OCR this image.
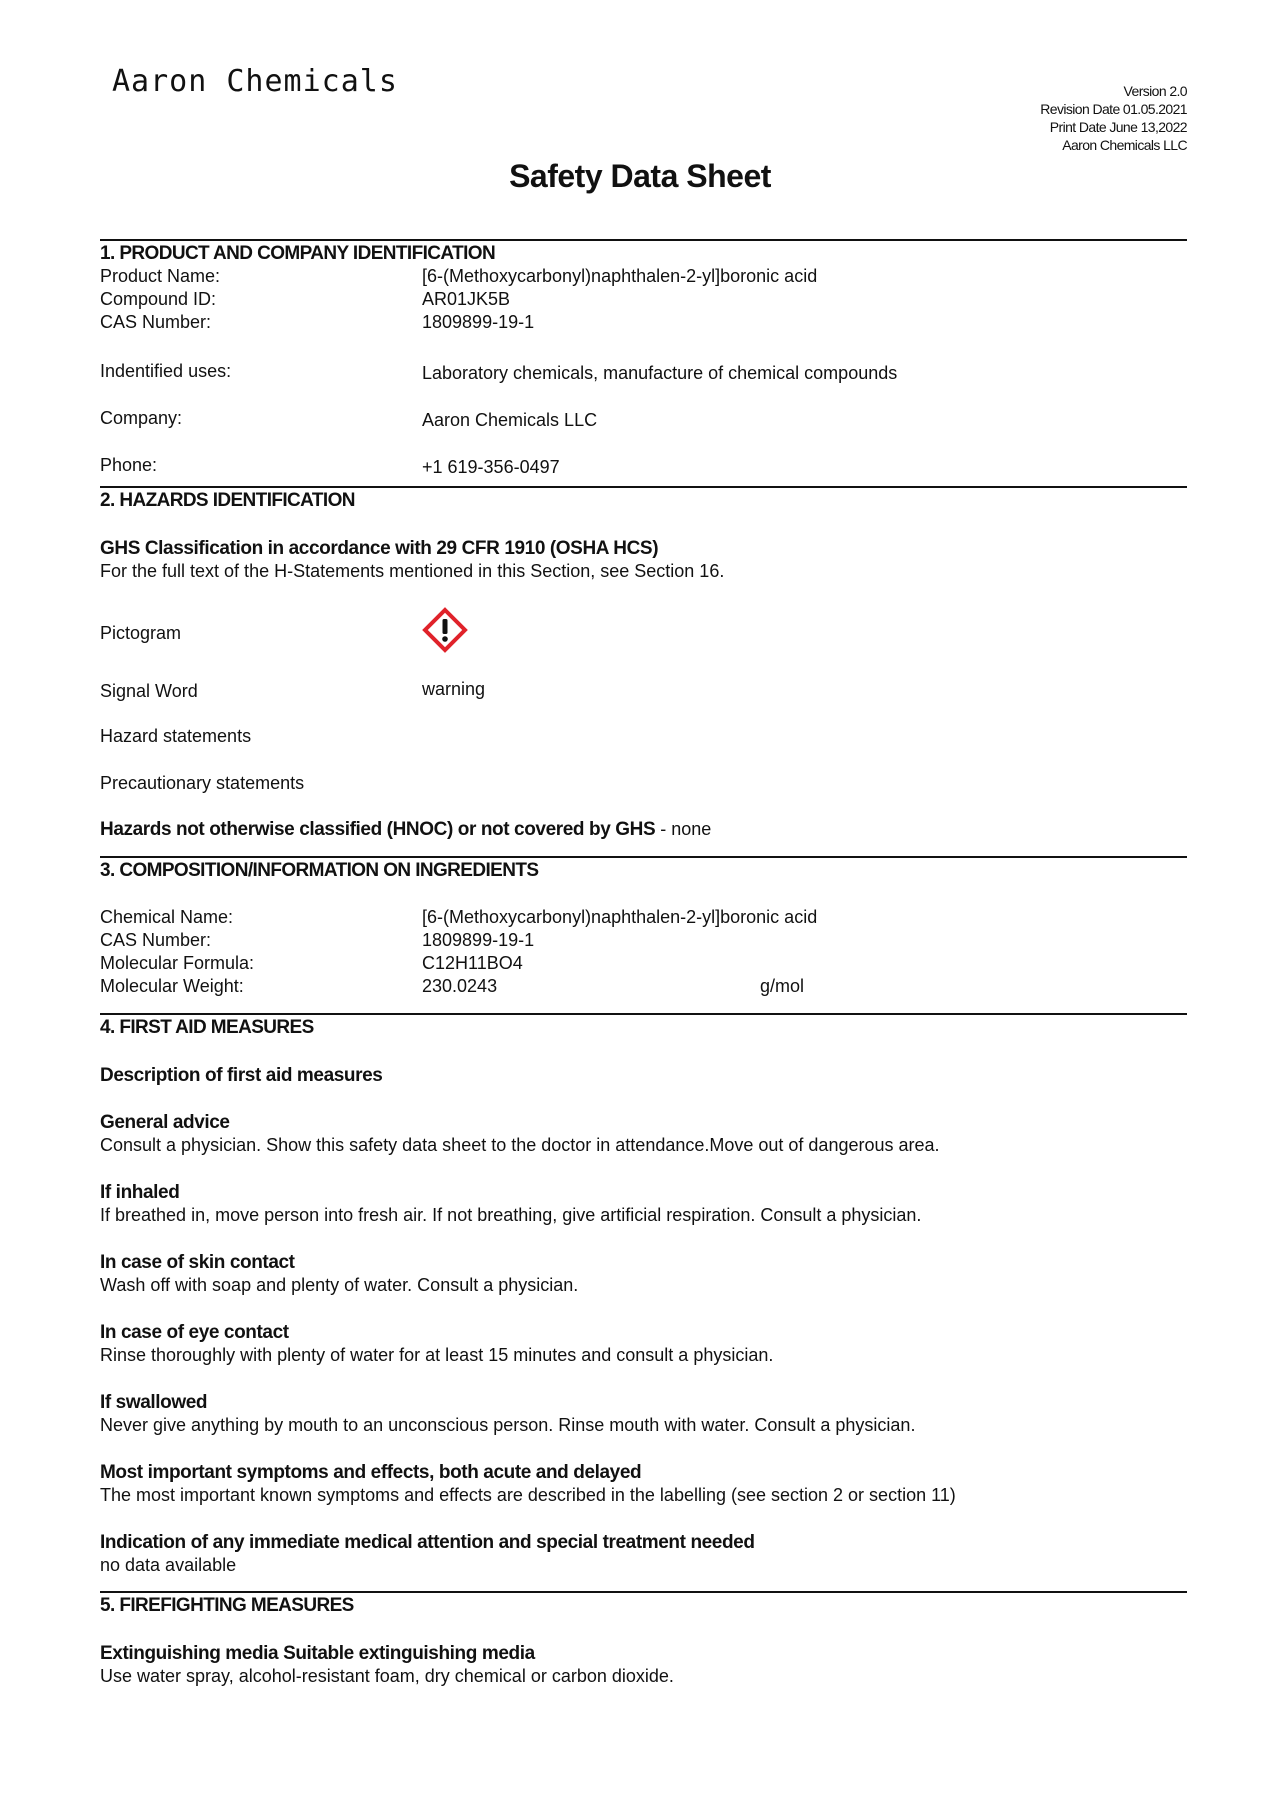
Aaron Chemicals	Version 2.0
Revision Date 01.05.2021
Print Date June 13,2022
Aaron Chemicals LLC
Safety Data Sheet
1. PRODUCT AND COMPANY IDENTIFICATION
Product Name:	[6-(Methoxycarbonyl)naphthalen-2-yl]boronic acid
Compound ID:	AR01JK5B
CAS Number:	1809899-19-1
Indentified uses:	Laboratory chemicals, manufacture of chemical compounds
Company:	Aaron Chemicals LLC
Phone:	+1 619-356-0497
2. HAZARDS IDENTIFICATION
GHS Classification in accordance with 29 CFR 1910 (OSHA HCS)
For the full text of the H-Statements mentioned in this Section, see Section 16.
Pictogram
Signal Word	warning
Hazard statements
Precautionary statements
Hazards not otherwise classified (HNOC) or not covered by GHS - none
3. COMPOSITION/INFORMATION ON INGREDIENTS
Chemical Name:	[6-(Methoxycarbonyl)naphthalen-2-yl]boronic acid
CAS Number:	1809899-19-1
Molecular Formula:	C12H11BO4
Molecular Weight:	230.0243	g/mol
4. FIRST AID MEASURES
Description of first aid measures
General advice
Consult a physician. Show this safety data sheet to the doctor in attendance.Move out of dangerous area.
If inhaled
If breathed in, move person into fresh air. If not breathing, give artificial respiration. Consult a physician.
In case of skin contact
Wash off with soap and plenty of water. Consult a physician.
In case of eye contact
Rinse thoroughly with plenty of water for at least 15 minutes and consult a physician.
If swallowed
Never give anything by mouth to an unconscious person. Rinse mouth with water. Consult a physician.
Most important symptoms and effects, both acute and delayed
The most important known symptoms and effects are described in the labelling (see section 2 or section 11)
Indication of any immediate medical attention and special treatment needed
no data available
5. FIREFIGHTING MEASURES
Extinguishing media Suitable extinguishing media
Use water spray, alcohol-resistant foam, dry chemical or carbon dioxide.
